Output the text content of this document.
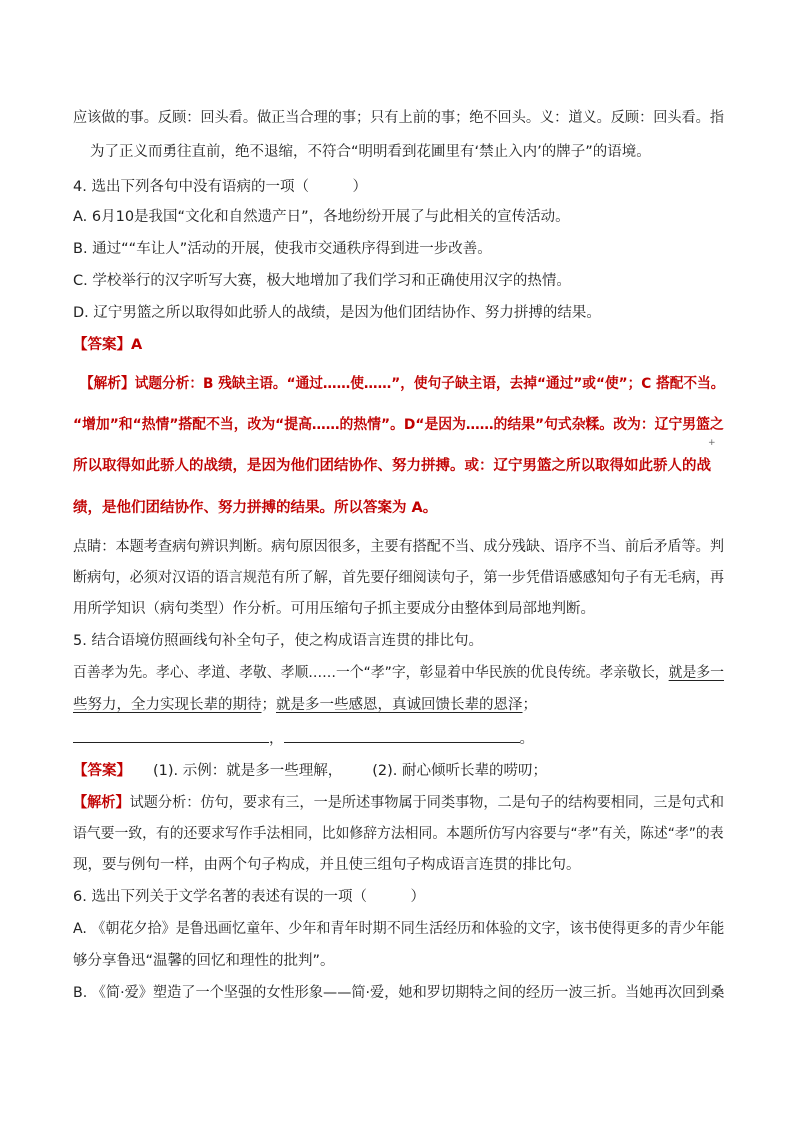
应该做的事。反顾：回头看。做正当合理的事；只有上前的事；绝不回头。义：道义。反顾：回头看。指
为了正义而勇往直前，绝不退缩，不符合“明明看到花圃里有‘禁止入内’的牌子”的语境。
4. 选出下列各句中没有语病的一项（　　　）
A. 6月10是我国“文化和自然遗产日”，各地纷纷开展了与此相关的宣传活动。
B. 通过““车让人”活动的开展，使我市交通秩序得到进一步改善。
C. 学校举行的汉字听写大赛，极大地增加了我们学习和正确使用汉字的热情。
D. 辽宁男篮之所以取得如此骄人的战绩，是因为他们团结协作、努力拼搏的结果。
【答案】A
【解析】试题分析：B 残缺主语。“通过……使……”，使句子缺主语，去掉“通过”或“使”；C 搭配不当。
“增加”和“热情”搭配不当，改为“提高……的热情”。D“是因为……的结果”句式杂糅。改为：辽宁男篮之
+
所以取得如此骄人的战绩，是因为他们团结协作、努力拼搏。或：辽宁男篮之所以取得如此骄人的战
绩，是他们团结协作、努力拼搏的结果。所以答案为 A。
点睛：本题考查病句辨识判断。病句原因很多，主要有搭配不当、成分残缺、语序不当、前后矛盾等。判
断病句，必须对汉语的语言规范有所了解，首先要仔细阅读句子，第一步凭借语感感知句子有无毛病，再
用所学知识（病句类型）作分析。可用压缩句子抓主要成分由整体到局部地判断。
5. 结合语境仿照画线句补全句子，使之构成语言连贯的排比句。
百善孝为先。孝心、孝道、孝敬、孝顺……一个“孝”字，彰显着中华民族的优良传统。孝亲敬长，就是多一
些努力，全力实现长辈的期待；就是多一些感恩，真诚回馈长辈的恩泽；
，	。
【答案】 (1). 示例：就是多一些理解， (2). 耐心倾听长辈的唠叨；
【解析】试题分析：仿句，要求有三，一是所述事物属于同类事物，二是句子的结构要相同，三是句式和
语气要一致，有的还要求写作手法相同，比如修辞方法相同。本题所仿写内容要与“孝”有关，陈述“孝”的表
现，要与例句一样，由两个句子构成，并且使三组句子构成语言连贯的排比句。
6. 选出下列关于文学名著的表述有误的一项（　　　）
A. 《朝花夕拾》是鲁迅画忆童年、少年和青年时期不同生活经历和体验的文字，该书使得更多的青少年能
够分享鲁迅“温馨的回忆和理性的批判”。
B. 《简·爱》塑造了一个坚强的女性形象——简·爱，她和罗切期特之间的经历一波三折。当她再次回到桑
